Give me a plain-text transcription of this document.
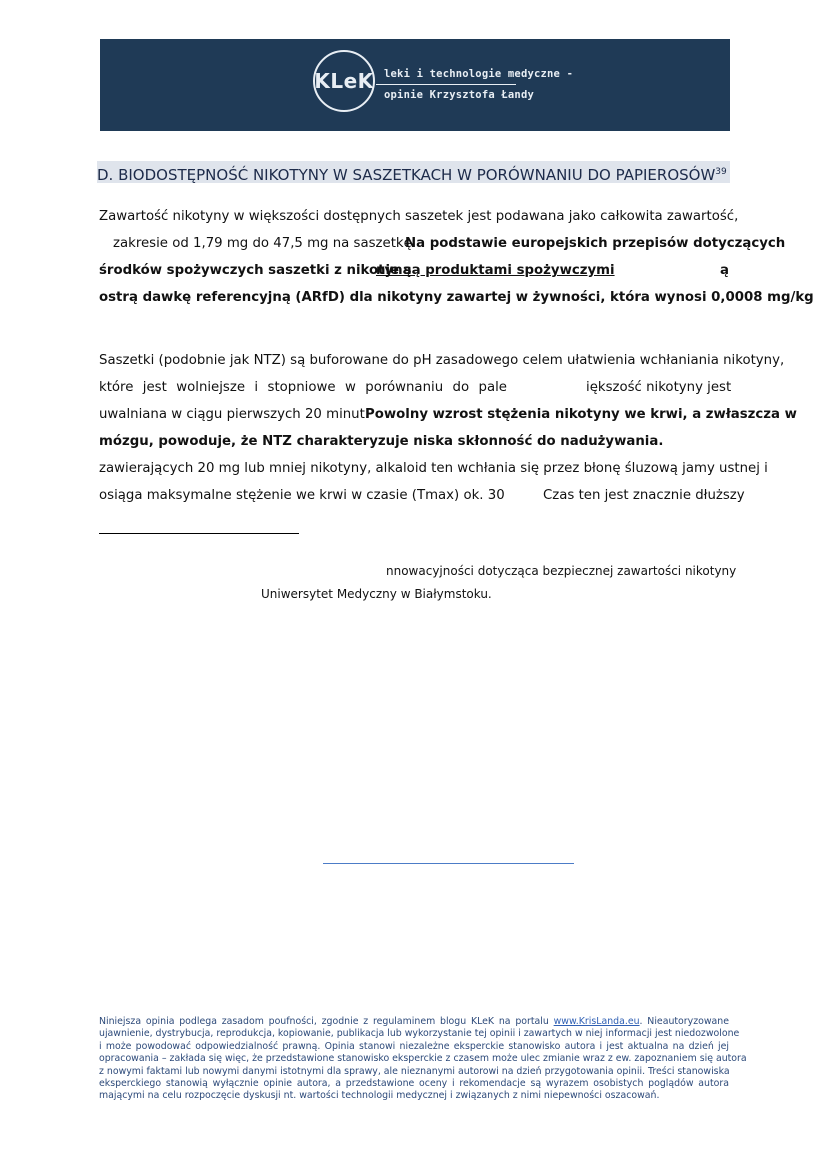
KLeK leki i technologie medyczne -
opinie Krzysztofa Łandy
D. BIODOSTĘPNOŚĆ NIKOTYNY W SASZETKACH W PORÓWNANIU DO PAPIEROSÓW$^{39}$
Zawartość nikotyny w większości dostępnych saszetek jest podawana jako całkowita zawartość,
zakresie od 1,79 mg do 47,5 mg na saszetkę.
Na podstawie europejskich przepisów dotyczących
środków spożywczych saszetki z nikotyną
nie są produktami spożywczymi	ą
ostrą dawkę referencyjną (ARfD) dla nikotyny zawartej w żywności, która wynosi 0,0008 mg/kg
Saszetki (podobnie jak NTZ) są buforowane do pH zasadowego celem ułatwienia wchłaniania nikotyny,
które jest wolniejsze i stopniowe w porównaniu do pale	iększość nikotyny jest
uwalniana w ciągu pierwszych 20 minut.
Powolny wzrost stężenia nikotyny we krwi, a zwłaszcza w
mózgu, powoduje, że NTZ charakteryzuje niska skłonność do nadużywania.
zawierających 20 mg lub mniej nikotyny, alkaloid ten wchłania się przez błonę śluzową jamy ustnej i
osiąga maksymalne stężenie we krwi w czasie (Tmax) ok. 30	Czas ten jest znacznie dłuższy
nnowacyjności dotycząca bezpiecznej zawartości nikotyny
Uniwersytet Medyczny w Białymstoku.
Niniejsza opinia podlega zasadom poufności, zgodnie z regulaminem blogu KLeK na portalu www.KrisLanda.eu. Nieautoryzowane
ujawnienie, dystrybucja, reprodukcja, kopiowanie, publikacja lub wykorzystanie tej opinii i zawartych w niej informacji jest niedozwolone
i może powodować odpowiedzialność prawną. Opinia stanowi niezależne eksperckie stanowisko autora i jest aktualna na dzień jej
opracowania – zakłada się więc, że przedstawione stanowisko eksperckie z czasem może ulec zmianie wraz z ew. zapoznaniem się autora
z nowymi faktami lub nowymi danymi istotnymi dla sprawy, ale nieznanymi autorowi na dzień przygotowania opinii. Treści stanowiska
eksperckiego stanowią wyłącznie opinie autora, a przedstawione oceny i rekomendacje są wyrazem osobistych poglądów autora
mającymi na celu rozpoczęcie dyskusji nt. wartości technologii medycznej i związanych z nimi niepewności oszacowań.
